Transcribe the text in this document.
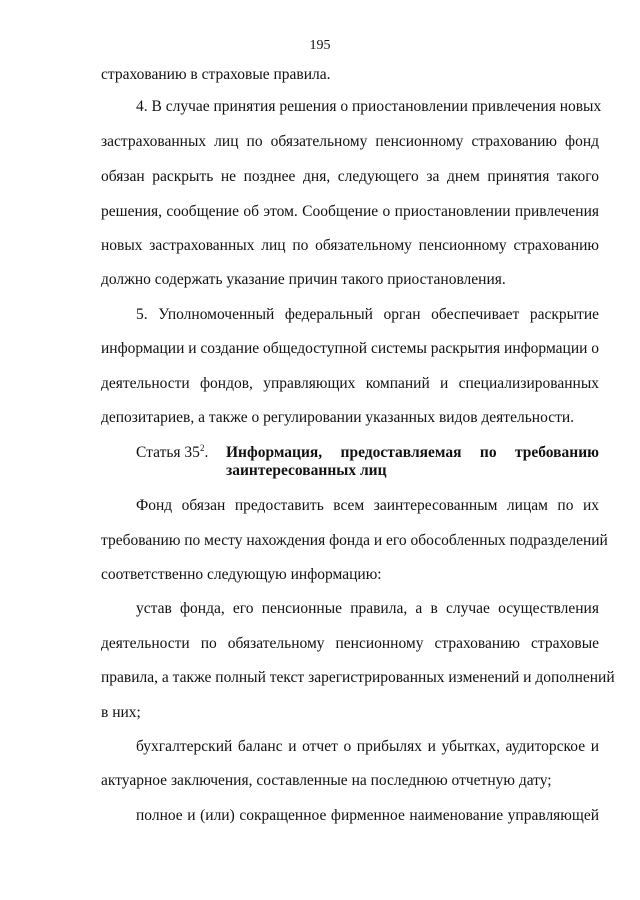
195
страхованию в страховые правила.
4. В случае принятия решения о приостановлении привлечения новых
застрахованных лиц по обязательному пенсионному страхованию фонд
обязан раскрыть не позднее дня, следующего за днем принятия такого
решения, сообщение об этом. Сообщение о приостановлении привлечения
новых застрахованных лиц по обязательному пенсионному страхованию
должно содержать указание причин такого приостановления.
5. Уполномоченный федеральный орган обеспечивает раскрытие
информации и создание общедоступной системы раскрытия информации о
деятельности фондов, управляющих компаний и специализированных
депозитариев, а также о регулировании указанных видов деятельности.
Статья $35^2$. Информация, предоставляемая по требованию
заинтересованных лиц
Фонд обязан предоставить всем заинтересованным лицам по их
требованию по месту нахождения фонда и его обособленных подразделений
соответственно следующую информацию:
устав фонда, его пенсионные правила, а в случае осуществления
деятельности по обязательному пенсионному страхованию страховые
правила, а также полный текст зарегистрированных изменений и дополнений
в них;
бухгалтерский баланс и отчет о прибылях и убытках, аудиторское и
актуарное заключения, составленные на последнюю отчетную дату;
полное и (или) сокращенное фирменное наименование управляющей
